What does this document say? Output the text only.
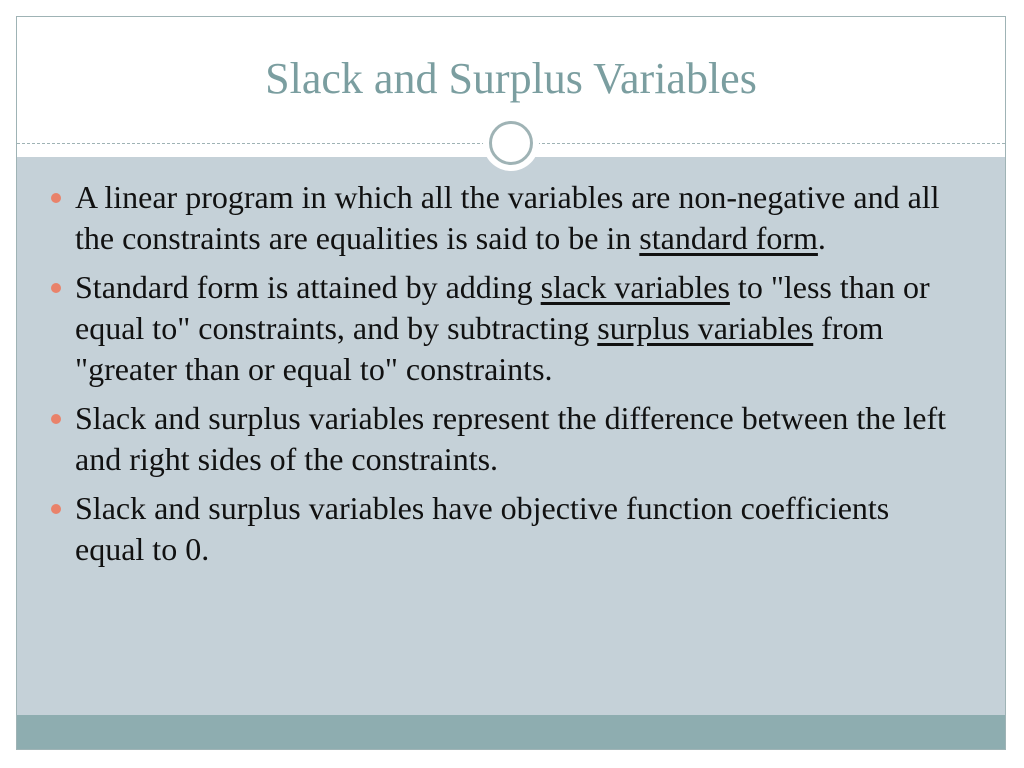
Slack and Surplus Variables
A linear program in which all the variables are non-negative and all the constraints are equalities is said to be in standard form.
Standard form is attained by adding slack variables to "less than or equal to" constraints, and by subtracting surplus variables from "greater than or equal to" constraints.
Slack and surplus variables represent the difference between the left and right sides of the constraints.
Slack and surplus variables have objective function coefficients equal to 0.
